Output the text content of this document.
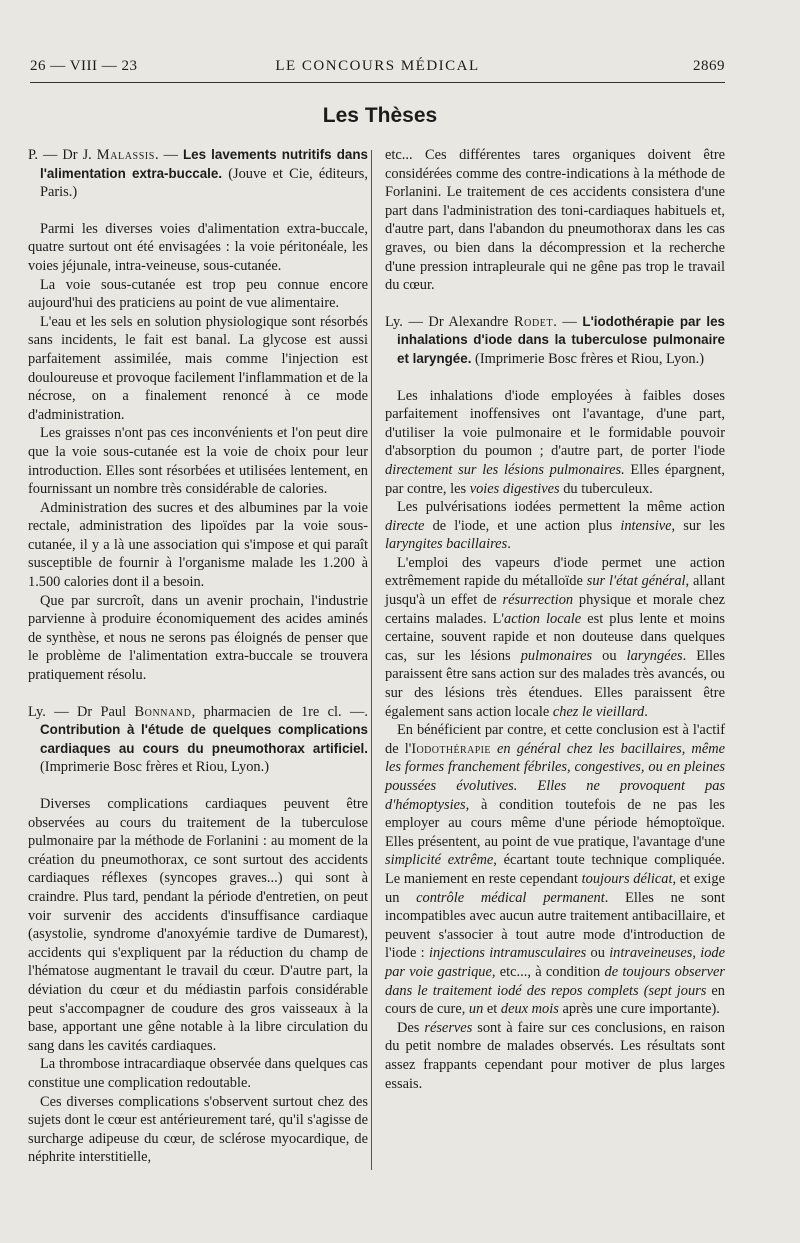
26 — VIII — 23	LE CONCOURS MÉDICAL	2869
Les Thèses

P. — Dr J. Malassis. — Les lavements nutritifs dans l'alimentation extra-buccale. (Jouve et Cie, éditeurs, Paris.)

Parmi les diverses voies d'alimentation extra-buccale, quatre surtout ont été envisagées : la voie péritonéale, les voies jéjunale, intra-veineuse, sous-cutanée.

La voie sous-cutanée est trop peu connue encore aujourd'hui des praticiens au point de vue alimentaire.

L'eau et les sels en solution physiologique sont résorbés sans incidents, le fait est banal. La glycose est aussi parfaitement assimilée, mais comme l'injection est douloureuse et provoque facilement l'inflammation et de la nécrose, on a finalement renoncé à ce mode d'administration.

Les graisses n'ont pas ces inconvénients et l'on peut dire que la voie sous-cutanée est la voie de choix pour leur introduction. Elles sont résorbées et utilisées lentement, en fournissant un nombre très considérable de calories.

Administration des sucres et des albumines par la voie rectale, administration des lipoïdes par la voie sous-cutanée, il y a là une association qui s'impose et qui paraît susceptible de fournir à l'organisme malade les 1.200 à 1.500 calories dont il a besoin.

Que par surcroît, dans un avenir prochain, l'industrie parvienne à produire économiquement des acides aminés de synthèse, et nous ne serons pas éloignés de penser que le problème de l'alimentation extra-buccale se trouvera pratiquement résolu.

Ly. — Dr Paul Bonnand, pharmacien de 1re cl. —. Contribution à l'étude de quelques complications cardiaques au cours du pneumothorax artificiel. (Imprimerie Bosc frères et Riou, Lyon.)

Diverses complications cardiaques peuvent être observées au cours du traitement de la tuberculose pulmonaire par la méthode de Forlanini : au moment de la création du pneumothorax, ce sont surtout des accidents cardiaques réflexes (syncopes graves...) qui sont à craindre. Plus tard, pendant la période d'entretien, on peut voir survenir des accidents d'insuffisance cardiaque (asystolie, syndrome d'anoxyémie tardive de Dumarest), accidents qui s'expliquent par la réduction du champ de l'hématose augmentant le travail du cœur. D'autre part, la déviation du cœur et du médiastin parfois considérable peut s'accompagner de coudure des gros vaisseaux à la base, apportant une gêne notable à la libre circulation du sang dans les cavités cardiaques.

La thrombose intracardiaque observée dans quelques cas constitue une complication redoutable.

Ces diverses complications s'observent surtout chez des sujets dont le cœur est antérieurement taré, qu'il s'agisse de surcharge adipeuse du cœur, de sclérose myocardique, de néphrite interstitielle,

etc... Ces différentes tares organiques doivent être considérées comme des contre-indications à la méthode de Forlanini. Le traitement de ces accidents consistera d'une part dans l'administration des toni-cardiaques habituels et, d'autre part, dans l'abandon du pneumothorax dans les cas graves, ou bien dans la décompression et la recherche d'une pression intrapleurale qui ne gêne pas trop le travail du cœur.

Ly. — Dr Alexandre Rodet. — L'iodothérapie par les inhalations d'iode dans la tuberculose pulmonaire et laryngée. (Imprimerie Bosc frères et Riou, Lyon.)

Les inhalations d'iode employées à faibles doses parfaitement inoffensives ont l'avantage, d'une part, d'utiliser la voie pulmonaire et le formidable pouvoir d'absorption du poumon ; d'autre part, de porter l'iode directement sur les lésions pulmonaires. Elles épargnent, par contre, les voies digestives du tuberculeux.

Les pulvérisations iodées permettent la même action directe de l'iode, et une action plus intensive, sur les laryngites bacillaires.

L'emploi des vapeurs d'iode permet une action extrêmement rapide du métalloïde sur l'état général, allant jusqu'à un effet de résurrection physique et morale chez certains malades. L'action locale est plus lente et moins certaine, souvent rapide et non douteuse dans quelques cas, sur les lésions pulmonaires ou laryngées. Elles paraissent être sans action sur des malades très avancés, ou sur des lésions très étendues. Elles paraissent être également sans action locale chez le vieillard.

En bénéficient par contre, et cette conclusion est à l'actif de l'Iodothérapie en général chez les bacillaires, même les formes franchement fébriles, congestives, ou en pleines poussées évolutives. Elles ne provoquent pas d'hémoptysies, à condition toutefois de ne pas les employer au cours même d'une période hémoptoïque. Elles présentent, au point de vue pratique, l'avantage d'une simplicité extrême, écartant toute technique compliquée. Le maniement en reste cependant toujours délicat, et exige un contrôle médical permanent. Elles ne sont incompatibles avec aucun autre traitement antibacillaire, et peuvent s'associer à tout autre mode d'introduction de l'iode : injections intramusculaires ou intraveineuses, iode par voie gastrique, etc..., à condition de toujours observer dans le traitement iodé des repos complets (sept jours en cours de cure, un et deux mois après une cure importante).

Des réserves sont à faire sur ces conclusions, en raison du petit nombre de malades observés. Les résultats sont assez frappants cependant pour motiver de plus larges essais.
